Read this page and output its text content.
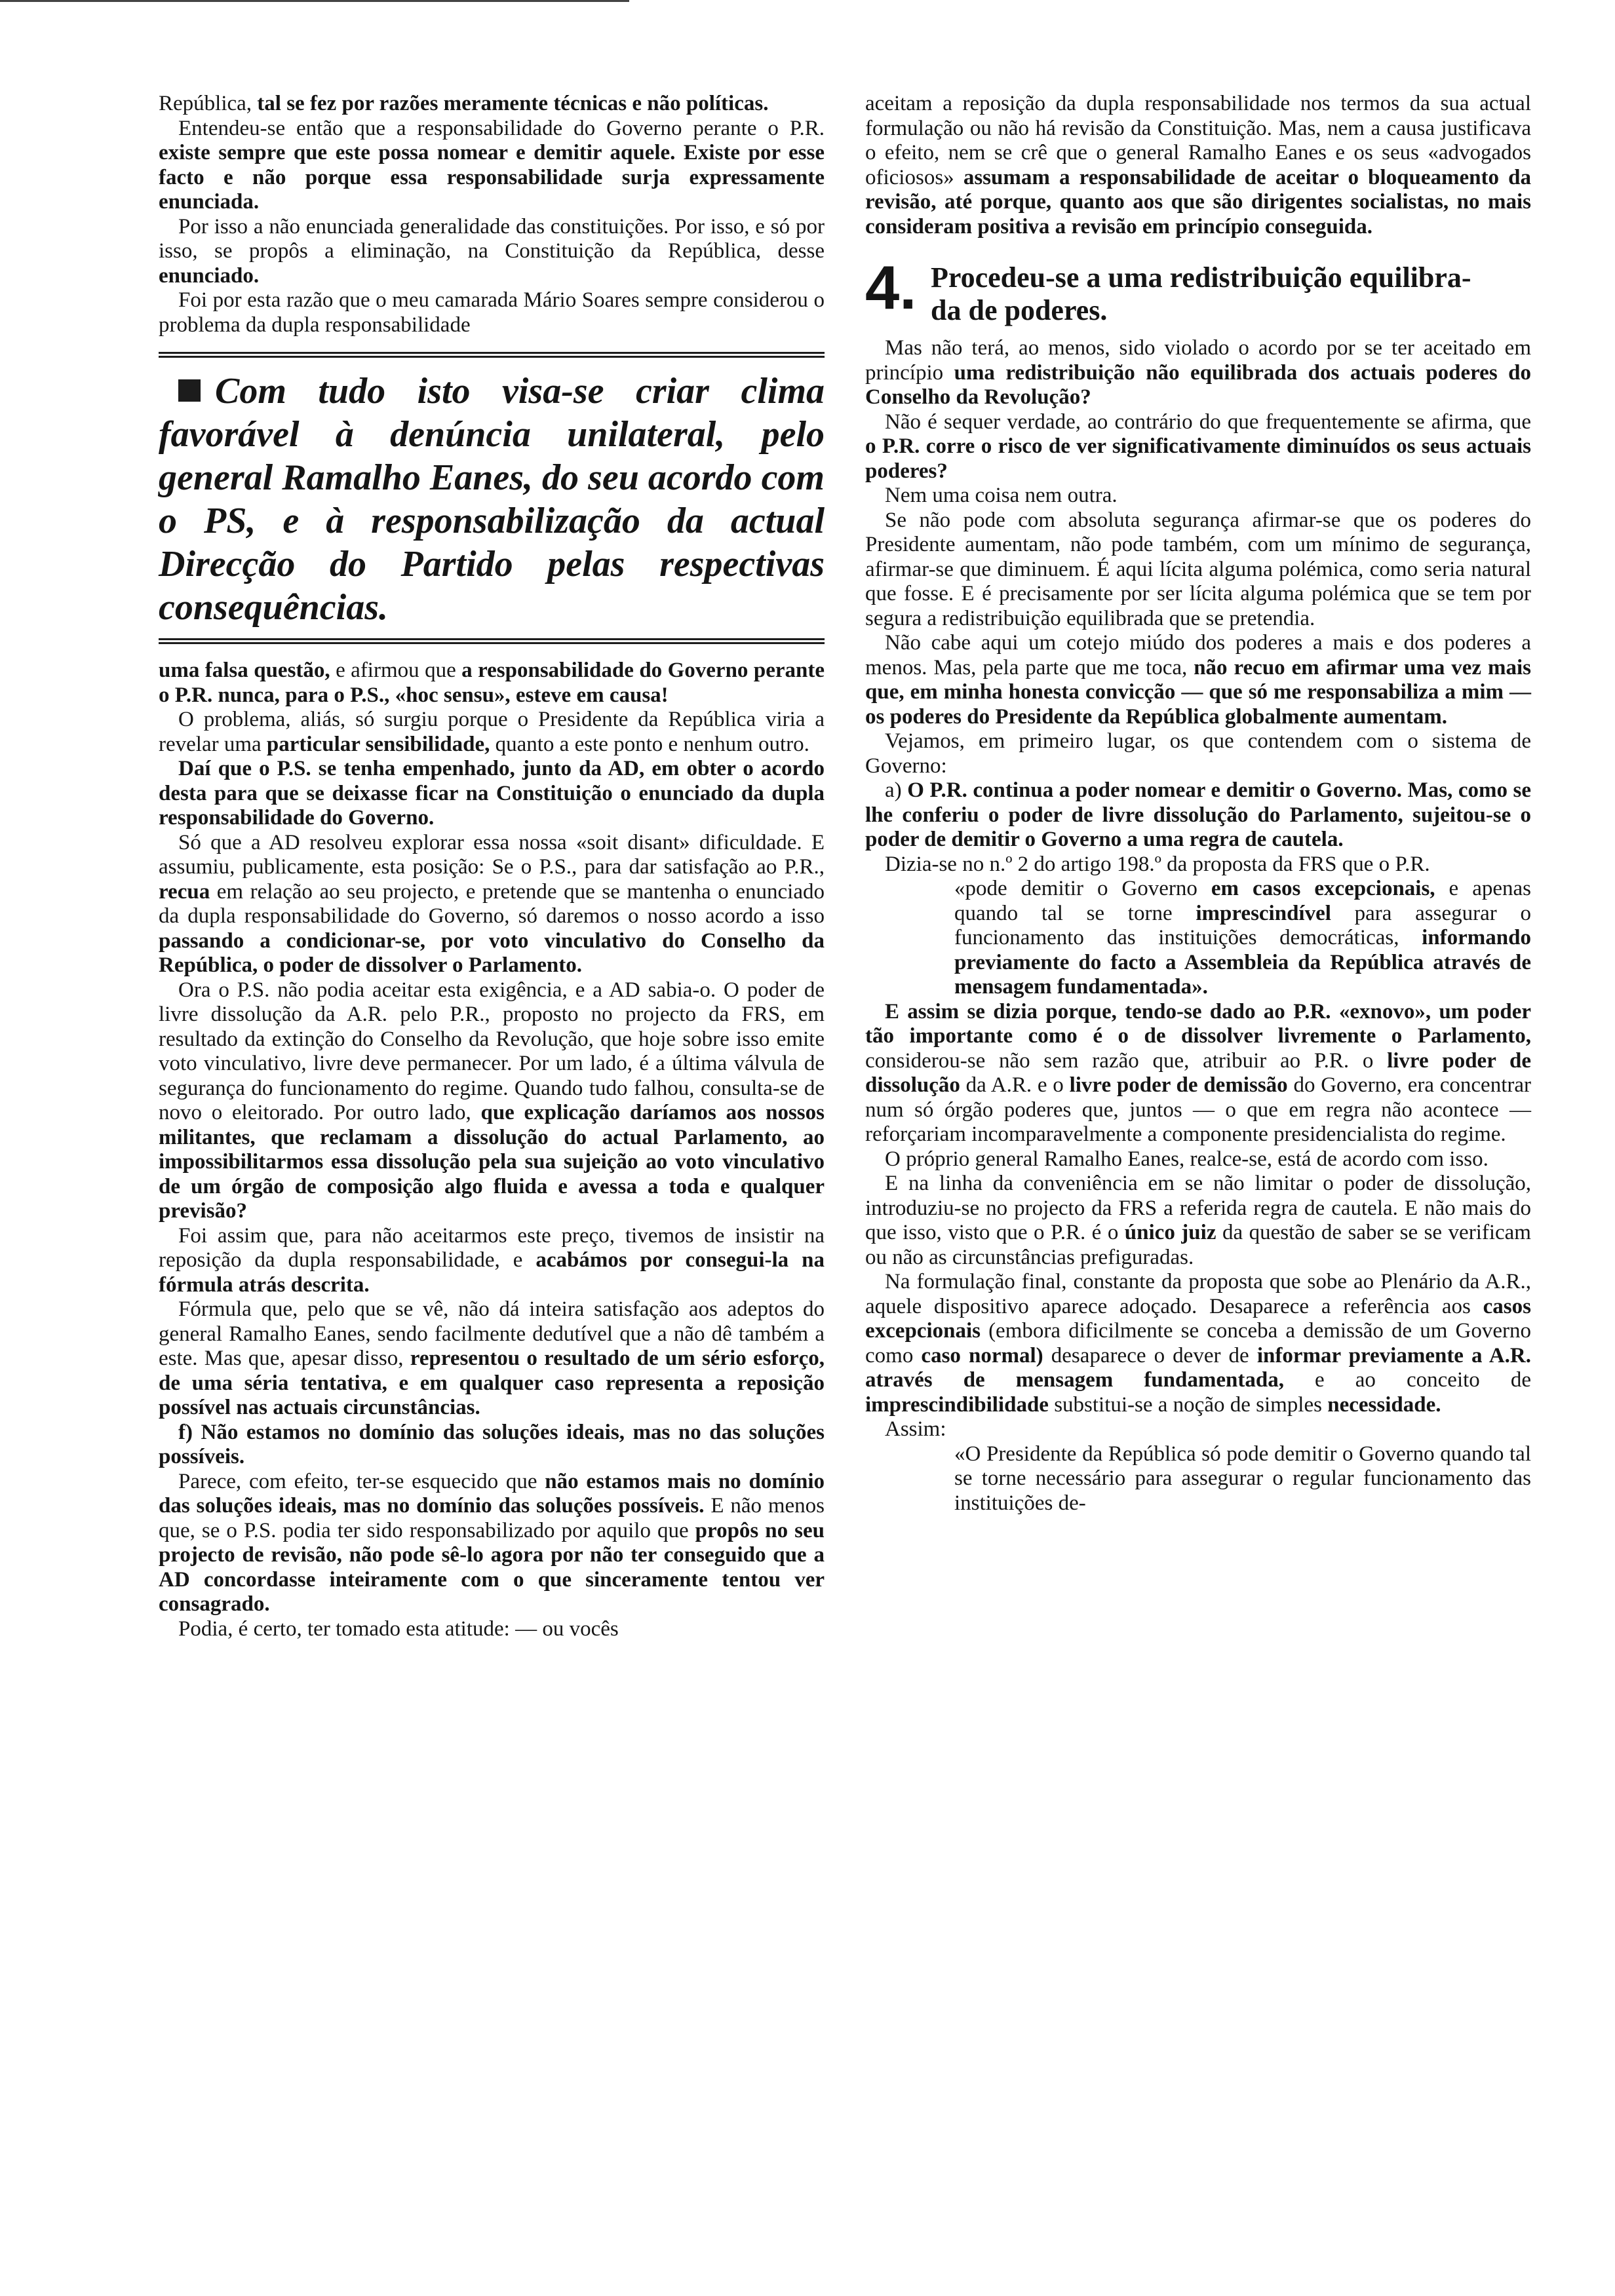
República, tal se fez por razões meramente técnicas e não políticas.

Entendeu-se então que a responsabilidade do Governo perante o P.R. existe sempre que este possa nomear e demitir aquele. Existe por esse facto e não porque essa responsabilidade surja expressamente enunciada.

Por isso a não enunciada generalidade das constituições. Por isso, e só por isso, se propôs a eliminação, na Constituição da República, desse enunciado.

Foi por esta razão que o meu camarada Mário Soares sempre considerou o problema da dupla responsabilidade

Com tudo isto visa-se criar clima favorável à denúncia unilateral, pelo general Ramalho Eanes, do seu acordo com o PS, e à responsabilização da actual Direcção do Partido pelas respectivas consequências.

uma falsa questão, e afirmou que a responsabilidade do Governo perante o P.R. nunca, para o P.S., «hoc sensu», esteve em causa!

O problema, aliás, só surgiu porque o Presidente da República viria a revelar uma particular sensibilidade, quanto a este ponto e nenhum outro.

Daí que o P.S. se tenha empenhado, junto da AD, em obter o acordo desta para que se deixasse ficar na Constituição o enunciado da dupla responsabilidade do Governo.

Só que a AD resolveu explorar essa nossa «soit disant» dificuldade. E assumiu, publicamente, esta posição: Se o P.S., para dar satisfação ao P.R., recua em relação ao seu projecto, e pretende que se mantenha o enunciado da dupla responsabilidade do Governo, só daremos o nosso acordo a isso passando a condicionar-se, por voto vinculativo do Conselho da República, o poder de dissolver o Parlamento.

Ora o P.S. não podia aceitar esta exigência, e a AD sabia-o. O poder de livre dissolução da A.R. pelo P.R., proposto no projecto da FRS, em resultado da extinção do Conselho da Revolução, que hoje sobre isso emite voto vinculativo, livre deve permanecer. Por um lado, é a última válvula de segurança do funcionamento do regime. Quando tudo falhou, consulta-se de novo o eleitorado. Por outro lado, que explicação daríamos aos nossos militantes, que reclamam a dissolução do actual Parlamento, ao impossibilitarmos essa dissolução pela sua sujeição ao voto vinculativo de um órgão de composição algo fluida e avessa a toda e qualquer previsão?

Foi assim que, para não aceitarmos este preço, tivemos de insistir na reposição da dupla responsabilidade, e acabámos por consegui-la na fórmula atrás descrita.

Fórmula que, pelo que se vê, não dá inteira satisfação aos adeptos do general Ramalho Eanes, sendo facilmente dedutível que a não dê também a este. Mas que, apesar disso, representou o resultado de um sério esforço, de uma séria tentativa, e em qualquer caso representa a reposição possível nas actuais circunstâncias.

f) Não estamos no domínio das soluções ideais, mas no das soluções possíveis.

Parece, com efeito, ter-se esquecido que não estamos mais no domínio das soluções ideais, mas no domínio das soluções possíveis. E não menos que, se o P.S. podia ter sido responsabilizado por aquilo que propôs no seu projecto de revisão, não pode sê-lo agora por não ter conseguido que a AD concordasse inteiramente com o que sinceramente tentou ver consagrado.

Podia, é certo, ter tomado esta atitude: — ou vocês

aceitam a reposição da dupla responsabilidade nos termos da sua actual formulação ou não há revisão da Constituição. Mas, nem a causa justificava o efeito, nem se crê que o general Ramalho Eanes e os seus «advogados oficiosos» assumam a responsabilidade de aceitar o bloqueamento da revisão, até porque, quanto aos que são dirigentes socialistas, no mais consideram positiva a revisão em princípio conseguida.

4. Procedeu-se a uma redistribuição equilibra-
da de poderes.

Mas não terá, ao menos, sido violado o acordo por se ter aceitado em princípio uma redistribuição não equilibrada dos actuais poderes do Conselho da Revolução?

Não é sequer verdade, ao contrário do que frequentemente se afirma, que o P.R. corre o risco de ver significativamente diminuídos os seus actuais poderes?

Nem uma coisa nem outra.

Se não pode com absoluta segurança afirmar-se que os poderes do Presidente aumentam, não pode também, com um mínimo de segurança, afirmar-se que diminuem. É aqui lícita alguma polémica, como seria natural que fosse. E é precisamente por ser lícita alguma polémica que se tem por segura a redistribuição equilibrada que se pretendia.

Não cabe aqui um cotejo miúdo dos poderes a mais e dos poderes a menos. Mas, pela parte que me toca, não recuo em afirmar uma vez mais que, em minha honesta convicção — que só me responsabiliza a mim — os poderes do Presidente da República globalmente aumentam.

Vejamos, em primeiro lugar, os que contendem com o sistema de Governo:

a) O P.R. continua a poder nomear e demitir o Governo. Mas, como se lhe conferiu o poder de livre dissolução do Parlamento, sujeitou-se o poder de demitir o Governo a uma regra de cautela.

Dizia-se no n.º 2 do artigo 198.º da proposta da FRS que o P.R.

«pode demitir o Governo em casos excepcionais, e apenas quando tal se torne imprescindível para assegurar o funcionamento das instituições democráticas, informando previamente do facto a Assembleia da República através de mensagem fundamentada».

E assim se dizia porque, tendo-se dado ao P.R. «exnovo», um poder tão importante como é o de dissolver livremente o Parlamento, considerou-se não sem razão que, atribuir ao P.R. o livre poder de dissolução da A.R. e o livre poder de demissão do Governo, era concentrar num só órgão poderes que, juntos — o que em regra não acontece — reforçariam incomparavelmente a componente presidencialista do regime.

O próprio general Ramalho Eanes, realce-se, está de acordo com isso.

E na linha da conveniência em se não limitar o poder de dissolução, introduziu-se no projecto da FRS a referida regra de cautela. E não mais do que isso, visto que o P.R. é o único juiz da questão de saber se se verificam ou não as circunstâncias prefiguradas.

Na formulação final, constante da proposta que sobe ao Plenário da A.R., aquele dispositivo aparece adoçado. Desaparece a referência aos casos excepcionais (embora dificilmente se conceba a demissão de um Governo como caso normal) desaparece o dever de informar previamente a A.R. através de mensagem fundamentada, e ao conceito de imprescindibilidade substitui-se a noção de simples necessidade.

Assim:

«O Presidente da República só pode demitir o Governo quando tal se torne necessário para assegurar o regular funcionamento das instituições de-
